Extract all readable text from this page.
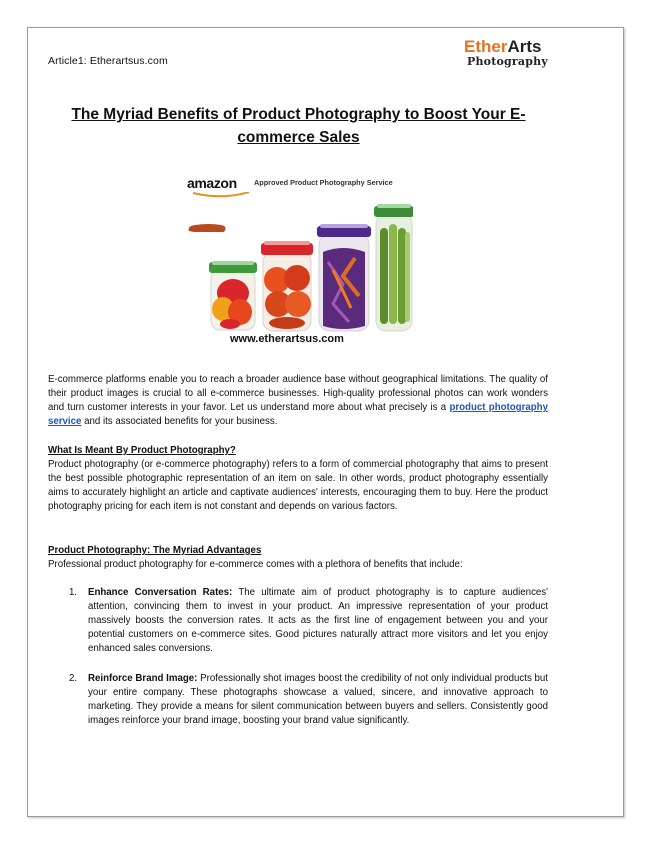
Article1: Etherartsus.com
EtherArts
Photography
The Myriad Benefits of Product Photography to Boost Your E-commerce Sales
amazon Approved Product Photography Service
www.etherartsus.com

E-commerce platforms enable you to reach a broader audience base without geographical limitations. The quality of their product images is crucial to all e-commerce businesses. High-quality professional photos can work wonders and turn customer interests in your favor. Let us understand more about what precisely is a product photography service and its associated benefits for your business.

What Is Meant By Product Photography?

Product photography (or e-commerce photography) refers to a form of commercial photography that aims to present the best possible photographic representation of an item on sale. In other words, product photography essentially aims to accurately highlight an article and captivate audiences' interests, encouraging them to buy. Here the product photography pricing for each item is not constant and depends on various factors.

Product Photography: The Myriad Advantages

Professional product photography for e-commerce comes with a plethora of benefits that include:

1. Enhance Conversation Rates: The ultimate aim of product photography is to capture audiences' attention, convincing them to invest in your product. An impressive representation of your product massively boosts the conversion rates. It acts as the first line of engagement between you and your potential customers on e-commerce sites. Good pictures naturally attract more visitors and let you enjoy enhanced sales conversions.
2. Reinforce Brand Image: Professionally shot images boost the credibility of not only individual products but your entire company. These photographs showcase a valued, sincere, and innovative approach to marketing. They provide a means for silent communication between buyers and sellers. Consistently good images reinforce your brand image, boosting your brand value significantly.
